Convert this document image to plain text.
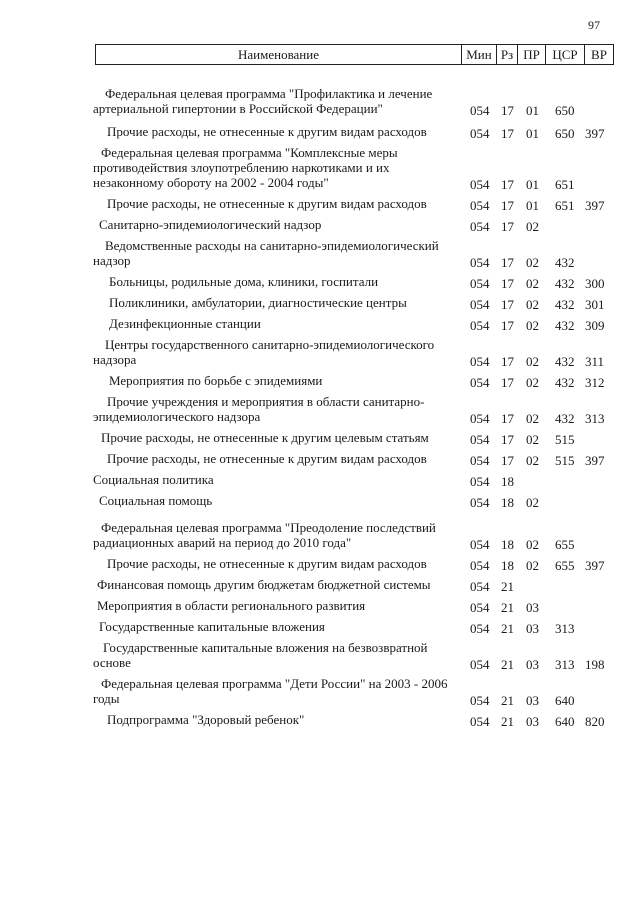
97
Наименование	Мин Рз ПР ЦСР	ВР
Федеральная целевая программа "Профилактика и лечение артериальной гипертонии в Российской Федерации"	054 17 01 650
Прочие расходы, не отнесенные к другим видам расходов	054 17 01 650 397
Федеральная целевая программа "Комплексные меры противодействия злоупотреблению наркотиками и их незаконному обороту на 2002 - 2004 годы"	054 17 01 651
Прочие расходы, не отнесенные к другим видам расходов	054 17 01 651 397
Санитарно-эпидемиологический надзор	054 17 02
Ведомственные расходы на санитарно-эпидемиологический надзор	054 17 02 432
Больницы, родильные дома, клиники, госпитали	054 17 02 432 300
Поликлиники, амбулатории, диагностические центры	054 17 02 432 301
Дезинфекционные станции	054 17 02 432 309
Центры государственного санитарно-эпидемиологического надзора	054 17 02 432 311
Мероприятия по борьбе с эпидемиями	054 17 02 432 312
Прочие учреждения и мероприятия в области санитарно-эпидемиологического надзора	054 17 02 432 313
Прочие расходы, не отнесенные к другим целевым статьям	054 17 02 515
Прочие расходы, не отнесенные к другим видам расходов	054 17 02 515 397
Социальная политика	054 18
Социальная помощь	054 18 02
Федеральная целевая программа "Преодоление последствий радиационных аварий на период до 2010 года"	054 18 02 655
Прочие расходы, не отнесенные к другим видам расходов	054 18 02 655 397
Финансовая помощь другим бюджетам бюджетной системы	054 21
Мероприятия в области регионального развития	054 21 03
Государственные капитальные вложения	054 21 03 313
Государственные капитальные вложения на безвозвратной основе	054 21 03 313 198
Федеральная целевая программа "Дети России" на 2003 - 2006 годы	054 21 03 640
Подпрограмма "Здоровый ребенок"	054 21 03 640 820
